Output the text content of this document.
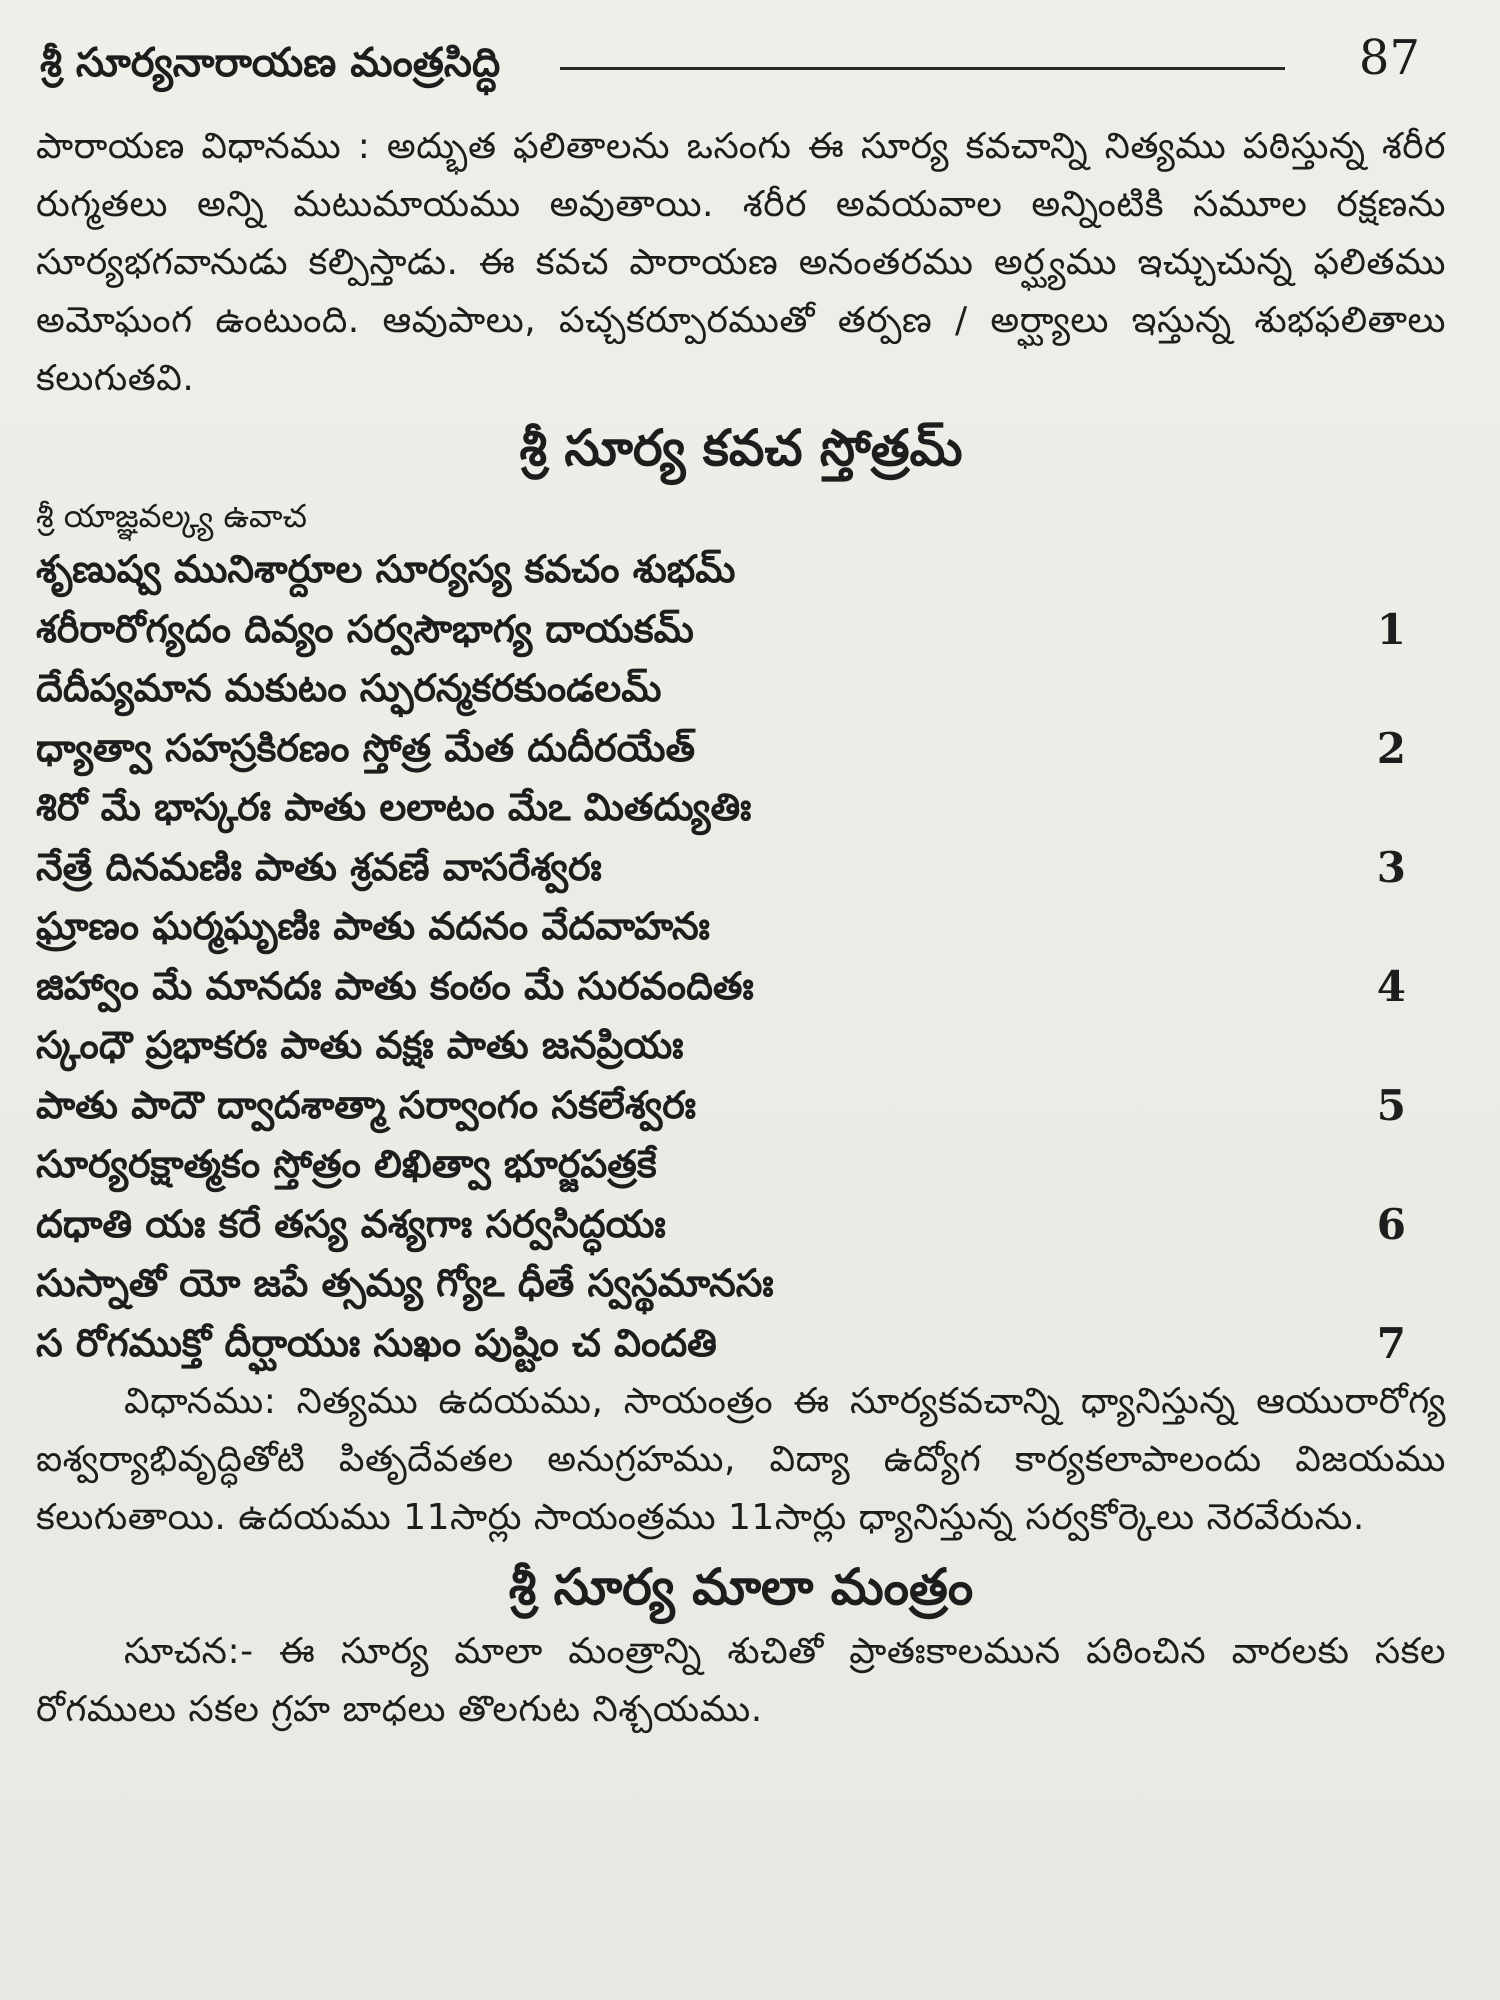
శ్రీ సూర్యనారాయణ మంత్రసిద్ధి	87

పారాయణ విధానము : అద్భుత ఫలితాలను ఒసంగు ఈ సూర్య కవచాన్ని నిత్యము పఠిస్తున్న శరీర రుగ్మతలు అన్ని మటుమాయము అవుతాయి. శరీర అవయవాల అన్నింటికి సమూల రక్షణను సూర్యభగవానుడు కల్పిస్తాడు. ఈ కవచ పారాయణ అనంతరము అర్ఘ్యము ఇచ్చుచున్న ఫలితము అమోఘంగ ఉంటుంది. ఆవుపాలు, పచ్చకర్పూరముతో తర్పణ / అర్ఘ్యాలు ఇస్తున్న శుభఫలితాలు కలుగుతవి.

శ్రీ సూర్య కవచ స్తోత్రమ్

శ్రీ యాజ్ఞవల్క్య ఉవాచ

శృణుష్వ మునిశార్దూల సూర్యస్య కవచం శుభమ్
శరీరారోగ్యదం దివ్యం సర్వసౌభాగ్య దాయకమ్	1
దేదీప్యమాన మకుటం స్ఫురన్మకరకుండలమ్
ధ్యాత్వా సహస్రకిరణం స్తోత్ర మేత దుదీరయేత్	2
శిరో మే భాస్కరః పాతు లలాటం మేఽ మితద్యుతిః
నేత్రే దినమణిః పాతు శ్రవణే వాసరేశ్వరః	3
ఘ్రాణం ఘర్మఘృణిః పాతు వదనం వేదవాహనః
జిహ్వాం మే మానదః పాతు కంఠం మే సురవందితః	4
స్కంధౌ ప్రభాకరః పాతు వక్షః పాతు జనప్రియః
పాతు పాదౌ ద్వాదశాత్మా సర్వాంగం సకలేశ్వరః	5
సూర్యరక్షాత్మకం స్తోత్రం లిఖిత్వా భూర్జపత్రకే
దధాతి యః కరే తస్య వశ్యగాః సర్వసిద్ధయః	6
సుస్నాతో యో జపే త్సమ్య గ్యోఽ ధీతే స్వస్థమానసః
స రోగముక్తో దీర్ఘాయుః సుఖం పుష్టిం చ విందతి	7

విధానము: నిత్యము ఉదయము, సాయంత్రం ఈ సూర్యకవచాన్ని ధ్యానిస్తున్న ఆయురారోగ్య ఐశ్వర్యాభివృద్ధితోటి పితృదేవతల అనుగ్రహము, విద్యా ఉద్యోగ కార్యకలాపాలందు విజయము కలుగుతాయి. ఉదయము 11సార్లు సాయంత్రము 11సార్లు ధ్యానిస్తున్న సర్వకోర్కెలు నెరవేరును.

శ్రీ సూర్య మాలా మంత్రం

సూచన:- ఈ సూర్య మాలా మంత్రాన్ని శుచితో ప్రాతఃకాలమున పఠించిన వారలకు సకల రోగములు సకల గ్రహ బాధలు తొలగుట నిశ్చయము.
